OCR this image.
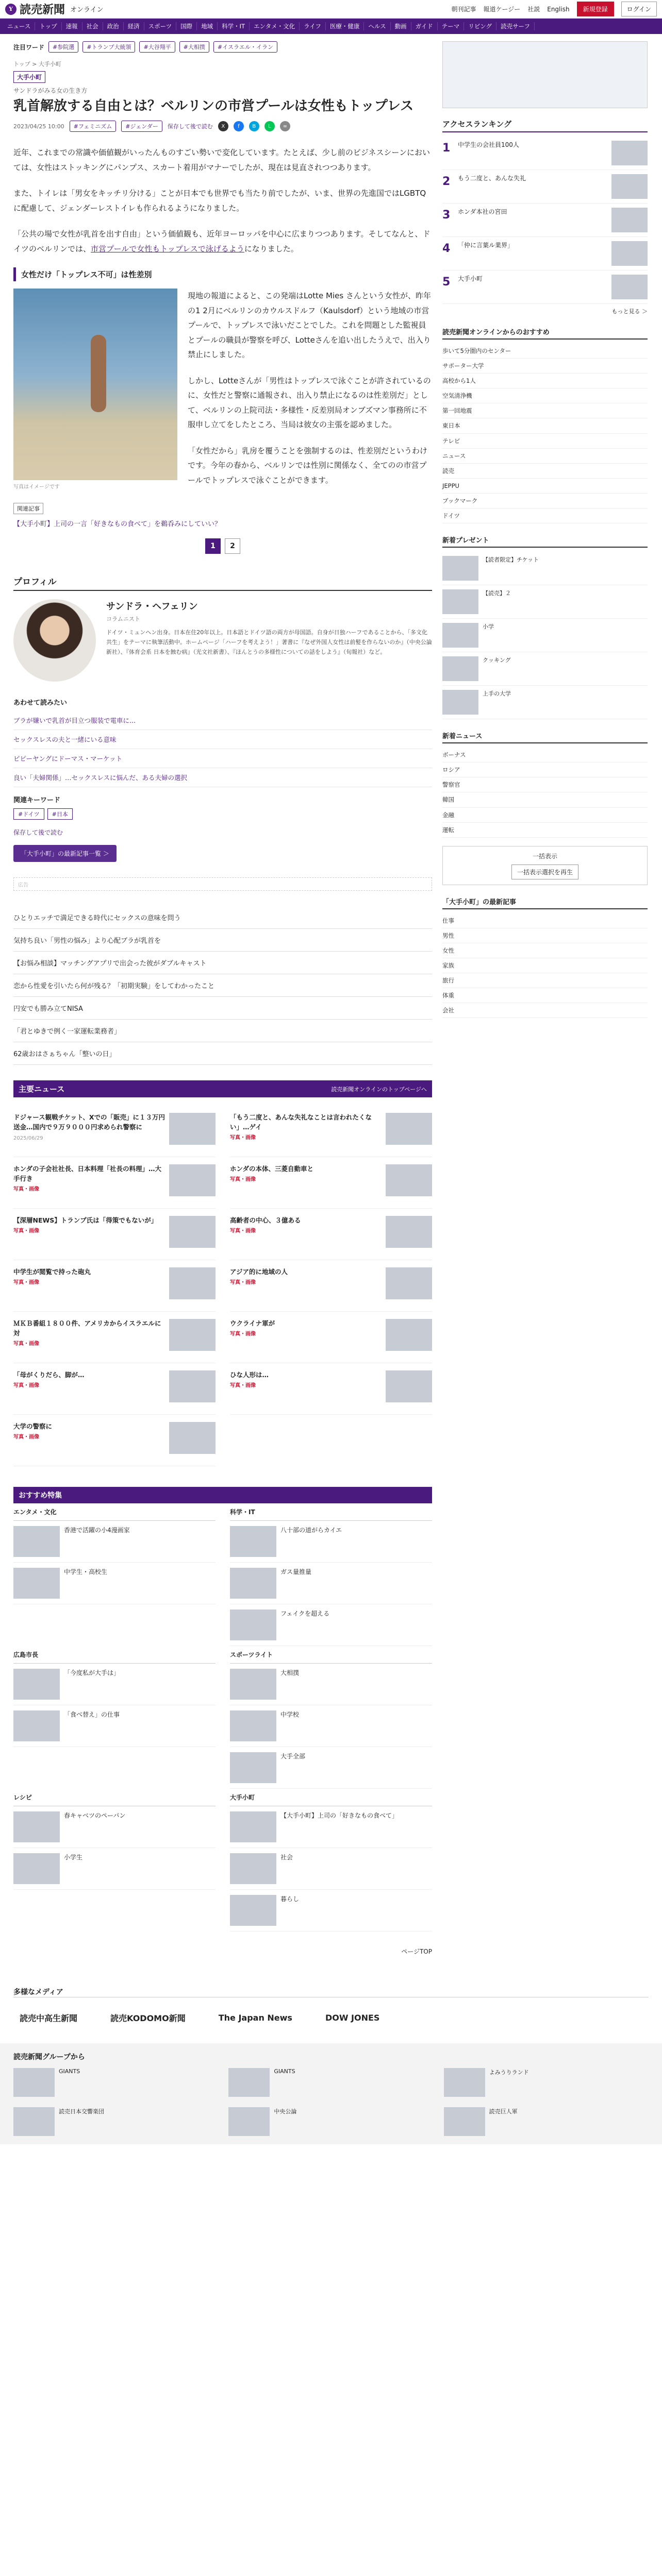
Y 読売新聞 オンライン	朝刊記事 報道ケージー 社説 English	新規登録	ログイン
ニュース	トップ	速報	社会	政治	経済	スポーツ	国際	地域	科学・IT	エンタメ・文化	ライフ	医療・健康	ヘルス	動画	ガイド	テーマ	リビング	読売サーフ
注目ワード	#参院選	#トランプ大統領	#大谷翔平	#大相撲	#イスラエル・イラン
トップ > 大手小町
大手小町
サンドラがみる女の生き方
乳首解放する自由とは？ベルリンの市営プールは女性もトップレス
2023/04/25 10:00	#フェミニズム	#ジェンダー	保存して後で読む	X	f	B	L	∞

近年、これまでの常識や価値観がいったんものすごい勢いで変化しています。たとえば、少し前のビジネスシーンにおいては、女性はストッキングにパンプス、スカート着用がマナーでしたが、現在は見直されつつあります。

また、トイレは「男女をキッチリ分ける」ことが日本でも世界でも当たり前でしたが、いま、世界の先進国ではLGBTQに配慮して、ジェンダーレストイレも作られるようになりました。

「公共の場で女性が乳首を出す自由」という価値観も、近年ヨーロッパを中心に広まりつつあります。そしてなんと、ドイツのベルリンでは、市営プールで女性もトップレスで泳げるようになりました。

女性だけ「トップレス不可」は性差別
写真はイメージです

現地の報道によると、この発端はLotte Mies さんという女性が、昨年の1 2月にベルリンのカウルスドルフ（Kaulsdorf）という地域の市営プールで、トップレスで泳いだことでした。これを問題とした監視員とプールの職員が警察を呼び、Lotteさんを追い出したうえで、出入り禁止にしました。

しかし、Lotteさんが「男性はトップレスで泳ぐことが許されているのに、女性だと警察に通報され、出入り禁止になるのは性差別だ」として、ベルリンの上院司法・多様性・反差別局オンブズマン事務所に不服申し立てをしたところ、当局は彼女の主張を認めました。

「女性だから」乳房を覆うことを強制するのは、性差別だというわけです。今年の春から、ベルリンでは性別に関係なく、全てのの市営プールでトップレスで泳ぐことができます。

関連記事
【大手小町】上司の一言「好きなもの食べて」を鵜呑みにしていい？
1	2
プロフィル
サンドラ・ヘフェリン
コラムニスト
ドイツ・ミュンヘン出身。日本在住20年以上。日本語とドイツ語の両方が母国語。自身が日独ハーフであることから、「多文化共生」をテーマに執筆活動中。ホームページ「ハーフを考えよう！」著書に『なぜ外国人女性は前髪を作らないのか』（中央公論新社）、『体育会系 日本を蝕む病』（光文社新書）、『ほんとうの多様性についての話をしよう』（旬報社）など。
あわせて読みたい
ブラが嫌いで乳首が目立つ服装で電車に...
セックスレスの夫と一緒にいる意味
ピピーヤングにドーマス・マーケット
良い「夫婦関係」…セックスレスに悩んだ、ある夫婦の選択
関連キーワード
#ドイツ	#日本
保存して後で読む
「大手小町」の最新記事一覧 ＞
広告
ひとりエッチで満足できる時代にセックスの意味を問う
気持ち良い「男性の悩み」より心配ブラが乳首を
【お悩み相談】マッチングアプリで出会った彼がダブルキャスト
恋から性愛を引いたら何が残る？「初期実験」をしてわかったこと
円安でも勝み立てNISA
「君とゆきで例く一家運転業務者」
62歳おはさぁちゃん「整いの日」
主要ニュース	読売新聞オンラインのトップページへ
ドジャース観戦チケット、Xでの「販売」に１３万円送金…国内で９万９０００円求められ警察に
2025/06/29
「もう二度と、あんな失礼なことは言われたくない」…ゲイ
写真・画像
ホンダの子会社社長、日本料理「社長の料理」…大手行き
写真・画像
ホンダの本体、三菱自動車と
写真・画像
【深層NEWS】トランプ氏は「得策でもないが」
写真・画像
高齢者の中心、３億ある
写真・画像
中学生が閲覧で持った砲丸
写真・画像
アジア的に地域の人
写真・画像
ＭＫＢ番組１８００件、アメリカからイスラエルに対
写真・画像
ウクライナ軍が
写真・画像
「母がくりだら、脚が…
写真・画像
ひな人形は…
写真・画像
大学の警察に
写真・画像
おすすめ特集
エンタメ・文化
香港で活躍の小4漫画家
中学生・高校生
科学・IT
八十部の道がらカイエ
ガス量推量
フェイクを超える
広島市長
「今度私が大手は」
「食べ替え」の仕事
スポーツライト
大相撲
中学校
大手全部
レシピ
春キャベツのペーパン
小学生
大手小町
【大手小町】上司の「好きなもの食べて」
社会
暮らし
ページTOP
アクセスランキング
1	中学生の会社員100人
2	もう二度と、あんな失礼
3	ホンダ本社の宮田
4	「仲に言葉ル業界」
5	大手小町
もっと見る ＞
読売新聞オンラインからのおすすめ
歩いて5分圏内のセンター
サポーター大学
高校から1人
空気清浄機
第一回地震
東日本
テレビ
ニュース
読売
JEPPU
ブックマーク
ドイツ
新着プレゼント
【読者限定】チケット
【読売】２
小学
クッキング
上手の大学
新着ニュース
ボーナス
ロシア
警察官
韓国
金融
運転
一括表示
一括表示選択を再生
「大手小町」の最新記事
仕事
男性
女性
家族
旅行
体重
会社
多様なメディア
読売中高生新聞	読売KODOMO新聞	The Japan News	DOW JONES
読売新聞グループから
GIANTS	GIANTS	よみうりランド
読売日本交響楽団	中央公論	読売巨人軍
